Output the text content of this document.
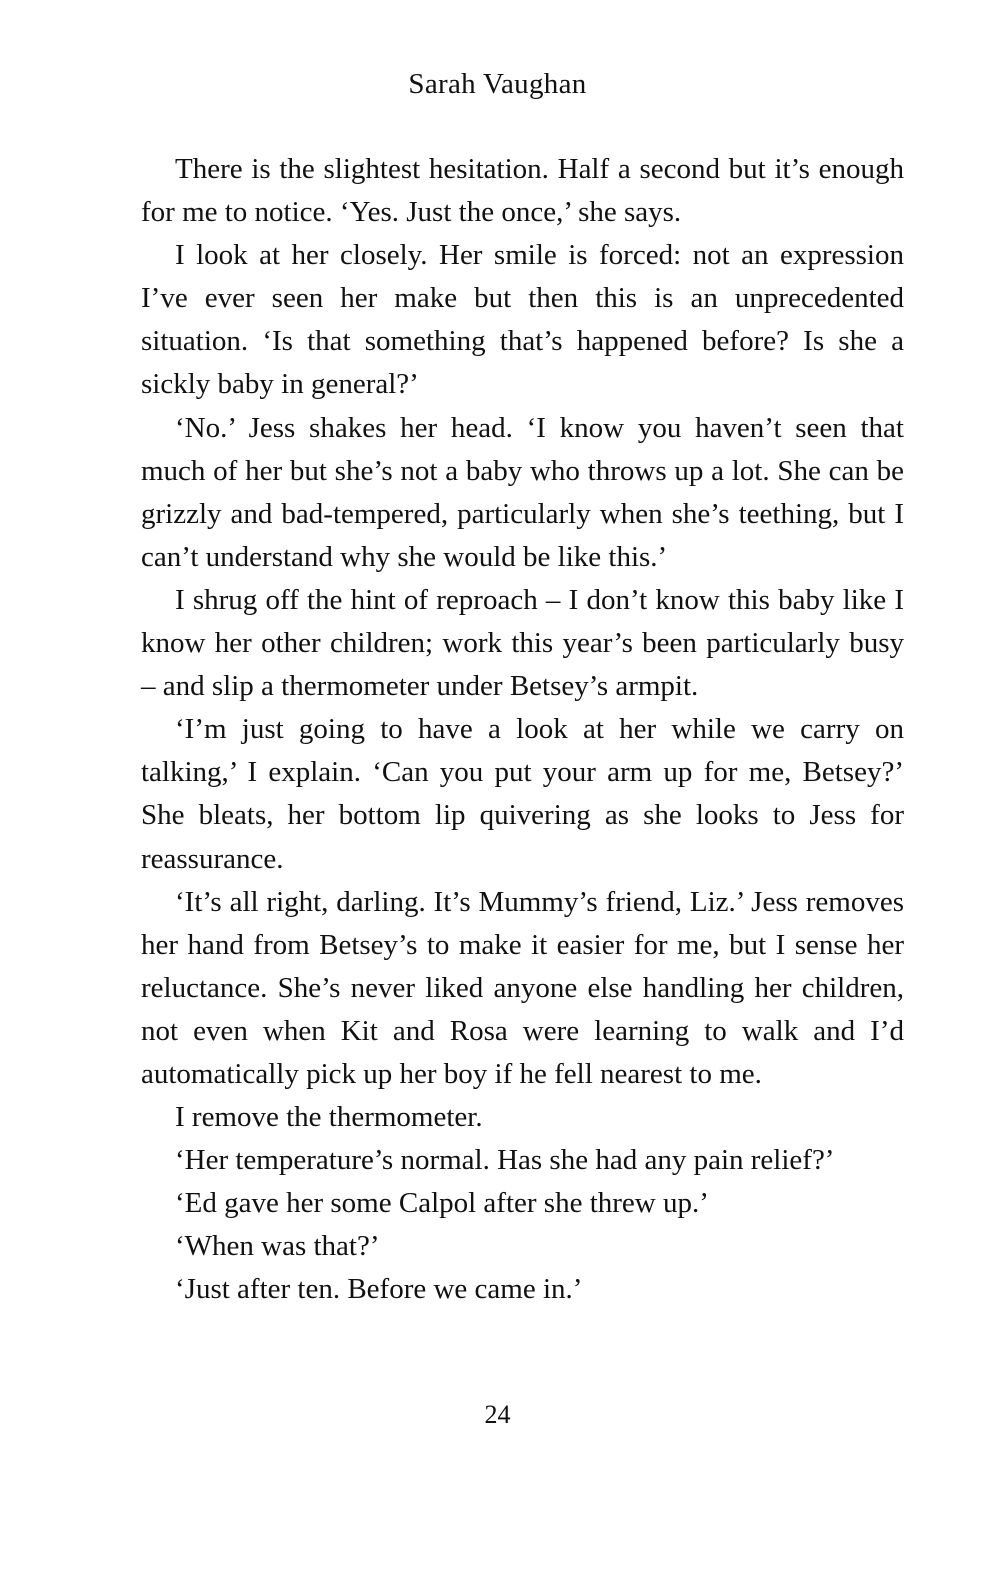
Sarah Vaughan

There is the slightest hesitation. Half a second but it’s enough for me to notice. ‘Yes. Just the once,’ she says.

I look at her closely. Her smile is forced: not an expression I’ve ever seen her make but then this is an unprecedented situation. ‘Is that something that’s happened before? Is she a sickly baby in general?’

‘No.’ Jess shakes her head. ‘I know you haven’t seen that much of her but she’s not a baby who throws up a lot. She can be grizzly and bad-tempered, particularly when she’s teething, but I can’t understand why she would be like this.’

I shrug off the hint of reproach – I don’t know this baby like I know her other children; work this year’s been particularly busy – and slip a thermometer under Betsey’s armpit.

‘I’m just going to have a look at her while we carry on talking,’ I explain. ‘Can you put your arm up for me, Betsey?’ She bleats, her bottom lip quivering as she looks to Jess for reassurance.

‘It’s all right, darling. It’s Mummy’s friend, Liz.’ Jess removes her hand from Betsey’s to make it easier for me, but I sense her reluctance. She’s never liked anyone else handling her children, not even when Kit and Rosa were learning to walk and I’d automatically pick up her boy if he fell nearest to me.

I remove the thermometer.

‘Her temperature’s normal. Has she had any pain relief?’

‘Ed gave her some Calpol after she threw up.’

‘When was that?’

‘Just after ten. Before we came in.’

24
